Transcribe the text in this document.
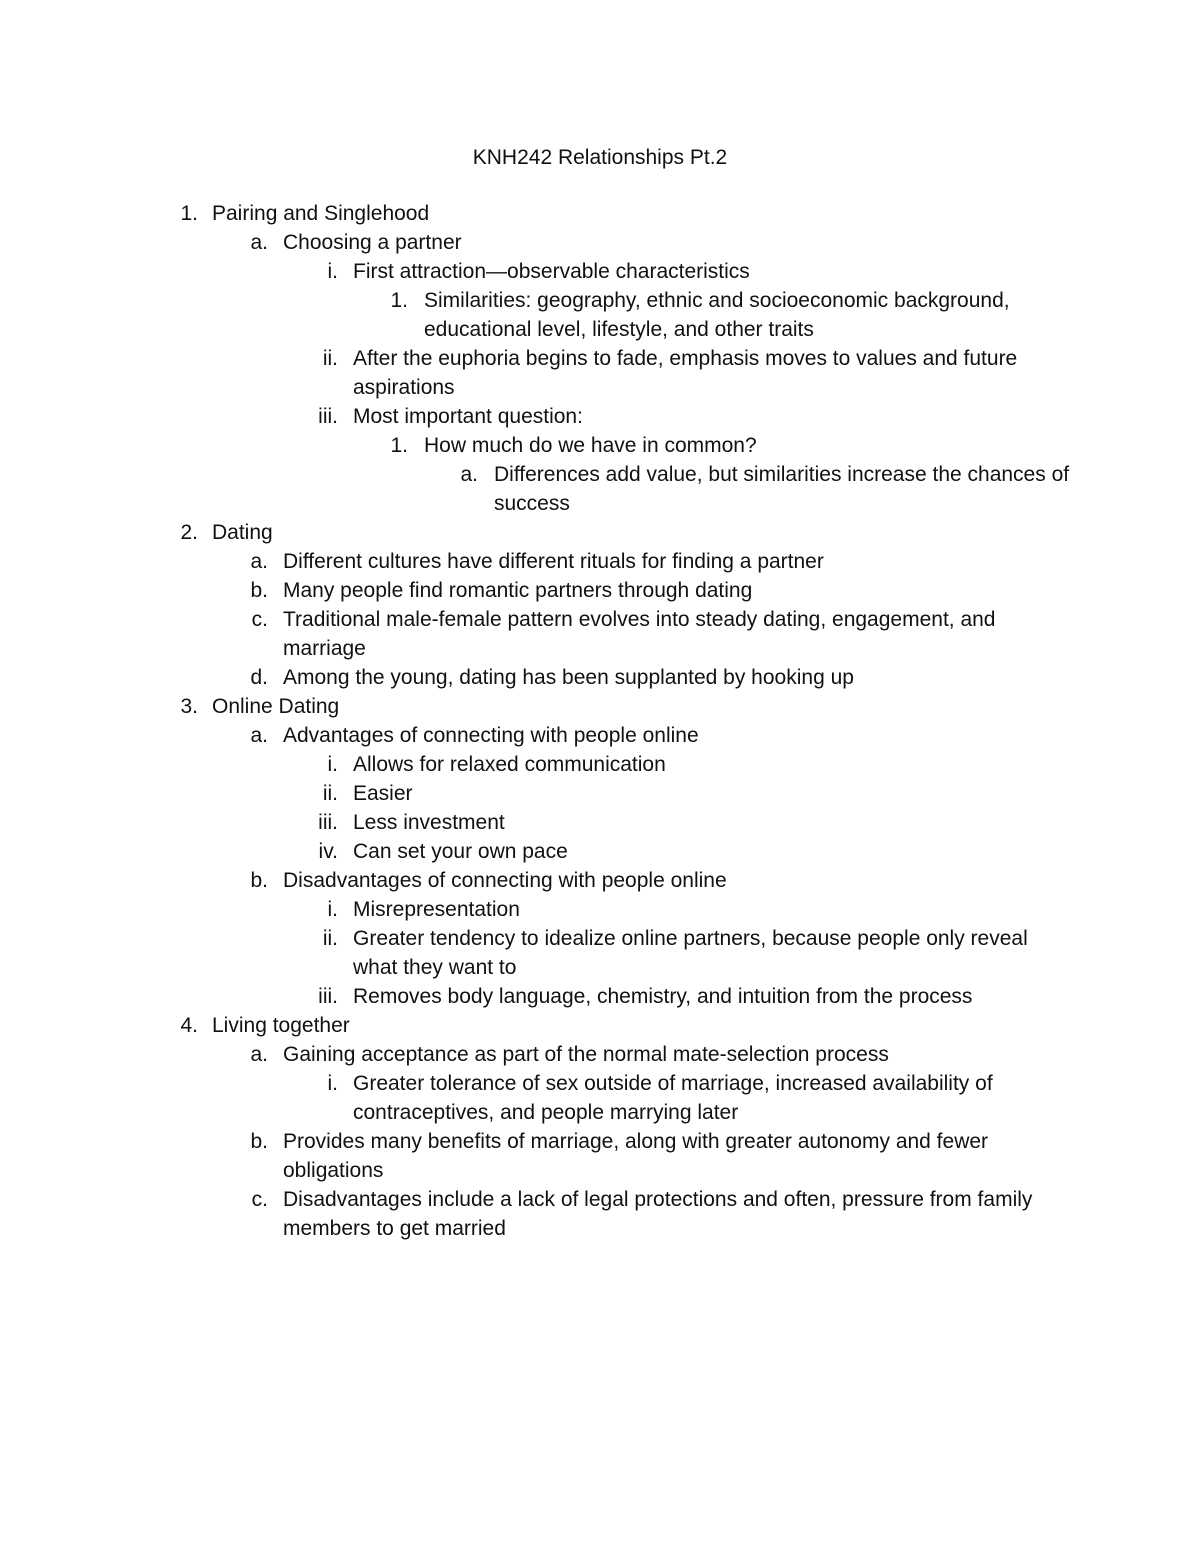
KNH242 Relationships Pt.2
1. Pairing and Singlehood
a. Choosing a partner
i. First attraction—observable characteristics
1. Similarities: geography, ethnic and socioeconomic background, educational level, lifestyle, and other traits
ii. After the euphoria begins to fade, emphasis moves to values and future aspirations
iii. Most important question:
1. How much do we have in common?
a. Differences add value, but similarities increase the chances of success
2. Dating
a. Different cultures have different rituals for finding a partner
b. Many people find romantic partners through dating
c. Traditional male-female pattern evolves into steady dating, engagement, and marriage
d. Among the young, dating has been supplanted by hooking up
3. Online Dating
a. Advantages of connecting with people online
i. Allows for relaxed communication
ii. Easier
iii. Less investment
iv. Can set your own pace
b. Disadvantages of connecting with people online
i. Misrepresentation
ii. Greater tendency to idealize online partners, because people only reveal what they want to
iii. Removes body language, chemistry, and intuition from the process
4. Living together
a. Gaining acceptance as part of the normal mate-selection process
i. Greater tolerance of sex outside of marriage, increased availability of contraceptives, and people marrying later
b. Provides many benefits of marriage, along with greater autonomy and fewer obligations
c. Disadvantages include a lack of legal protections and often, pressure from family members to get married
